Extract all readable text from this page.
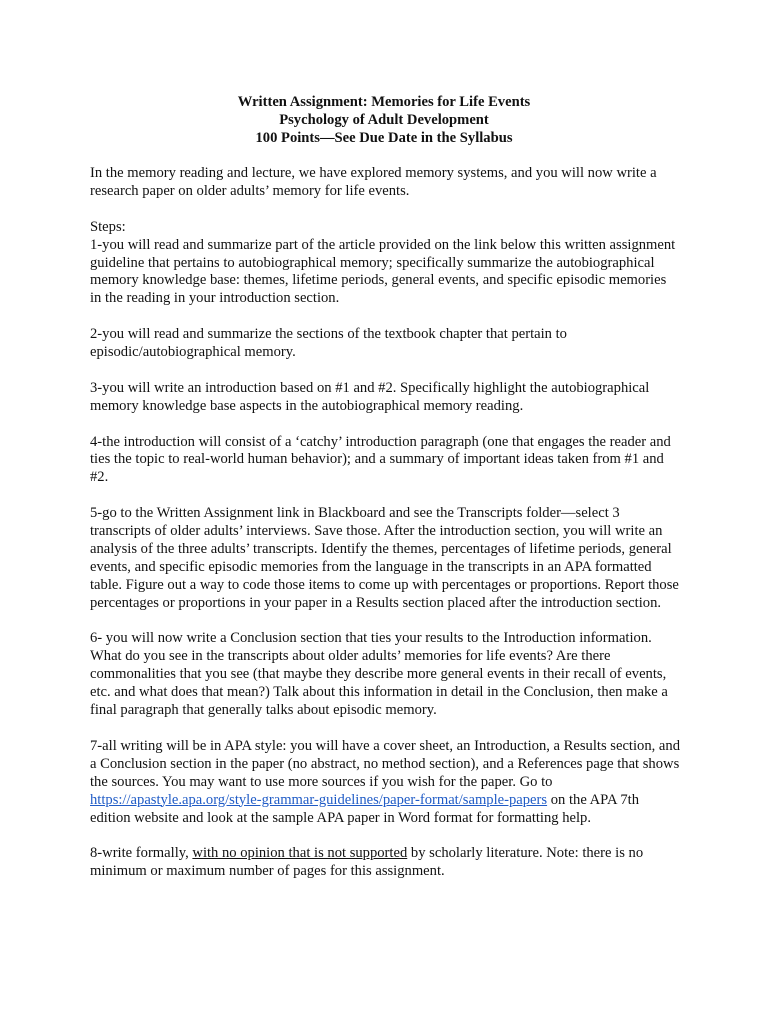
Written Assignment: Memories for Life Events
Psychology of Adult Development
100 Points—See Due Date in the Syllabus

In the memory reading and lecture, we have explored memory systems, and you will now write a research paper on older adults’ memory for life events.

Steps:

1-you will read and summarize part of the article provided on the link below this written assignment guideline that pertains to autobiographical memory; specifically summarize the autobiographical memory knowledge base: themes, lifetime periods, general events, and specific episodic memories in the reading in your introduction section.

2-you will read and summarize the sections of the textbook chapter that pertain to episodic/autobiographical memory.

3-you will write an introduction based on #1 and #2. Specifically highlight the autobiographical memory knowledge base aspects in the autobiographical memory reading.

4-the introduction will consist of a ‘catchy’ introduction paragraph (one that engages the reader and ties the topic to real-world human behavior); and a summary of important ideas taken from #1 and #2.

5-go to the Written Assignment link in Blackboard and see the Transcripts folder—select 3 transcripts of older adults’ interviews. Save those. After the introduction section, you will write an analysis of the three adults’ transcripts. Identify the themes, percentages of lifetime periods, general events, and specific episodic memories from the language in the transcripts in an APA formatted table. Figure out a way to code those items to come up with percentages or proportions. Report those percentages or proportions in your paper in a Results section placed after the introduction section.

6- you will now write a Conclusion section that ties your results to the Introduction information. What do you see in the transcripts about older adults’ memories for life events? Are there commonalities that you see (that maybe they describe more general events in their recall of events, etc. and what does that mean?) Talk about this information in detail in the Conclusion, then make a final paragraph that generally talks about episodic memory.

7-all writing will be in APA style: you will have a cover sheet, an Introduction, a Results section, and a Conclusion section in the paper (no abstract, no method section), and a References page that shows the sources. You may want to use more sources if you wish for the paper. Go to https://apastyle.apa.org/style-grammar-guidelines/paper-format/sample-papers on the APA 7th edition website and look at the sample APA paper in Word format for formatting help.

8-write formally, with no opinion that is not supported by scholarly literature. Note: there is no minimum or maximum number of pages for this assignment.
